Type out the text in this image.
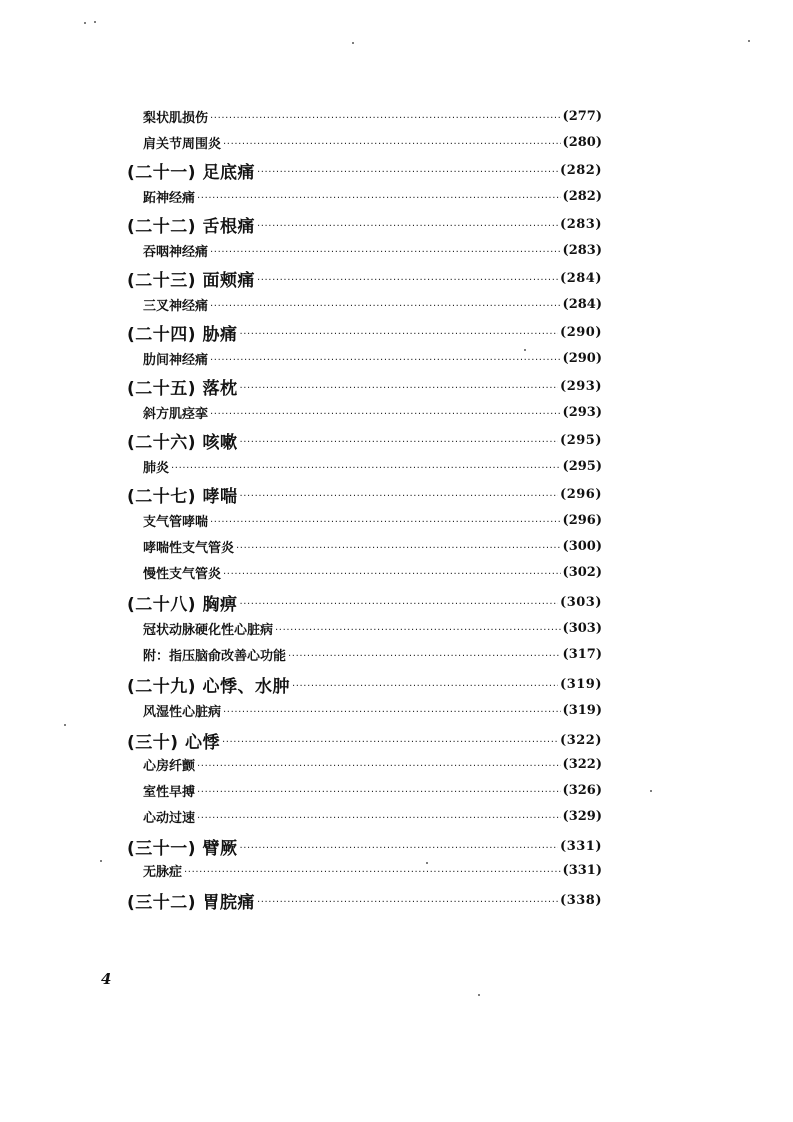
梨状肌损伤 ·····	(277)
肩关节周围炎 ·····	(280)
(二十一) 足底痛 ·····	(282)
跖神经痛 ·····	(282)
(二十二) 舌根痛 ·····	(283)
吞咽神经痛 ·····	(283)
(二十三) 面颊痛 ·····	(284)
三叉神经痛 ·····	(284)
(二十四) 胁痛 ·····	(290)
肋间神经痛 ·····	(290)
(二十五) 落枕 ·····	(293)
斜方肌痉挛 ·····	(293)
(二十六) 咳嗽 ·····	(295)
肺炎 ·····	(295)
(二十七) 哮喘 ·····	(296)
支气管哮喘 ·····	(296)
哮喘性支气管炎 ·····	(300)
慢性支气管炎 ·····	(302)
(二十八) 胸痹 ·····	(303)
冠状动脉硬化性心脏病 ·····	(303)
附：指压脑俞改善心功能 ·····	(317)
(二十九) 心悸、水肿 ·····	(319)
风湿性心脏病 ·····	(319)
(三十) 心悸 ·····	(322)
心房纤颤 ·····	(322)
室性早搏 ·····	(326)
心动过速 ·····	(329)
(三十一) 臂厥 ·····	(331)
无脉症 ·····	(331)
(三十二) 胃脘痛 ·····	(338)
4
